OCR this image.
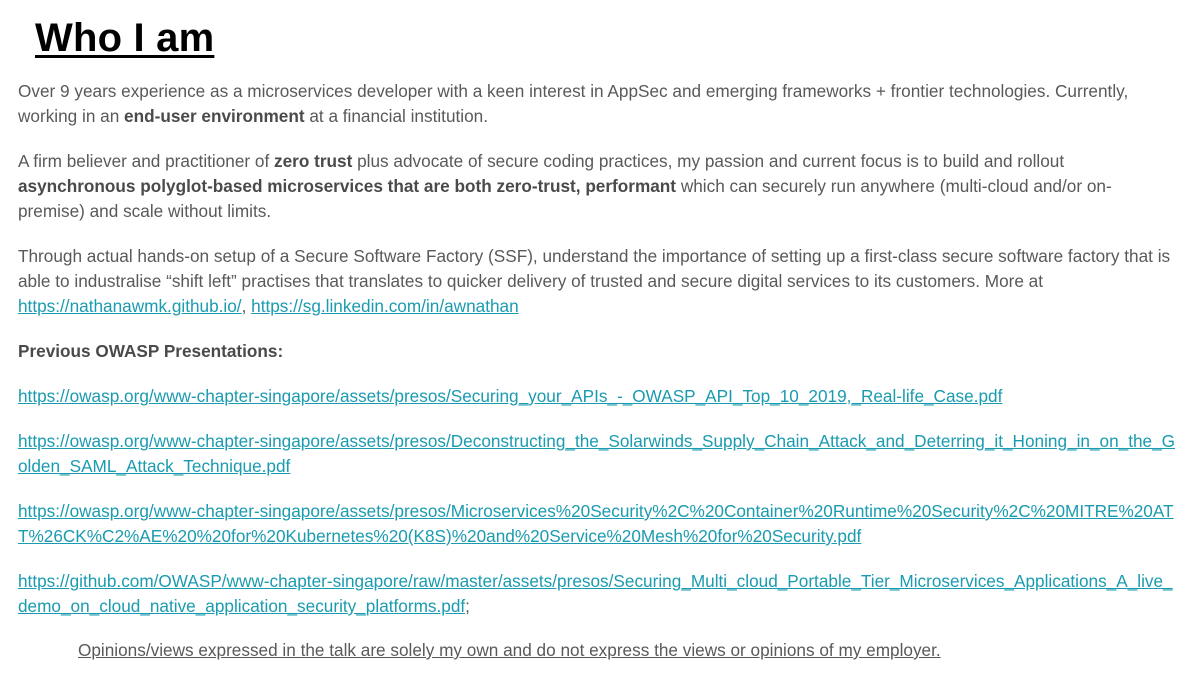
Who I am

Over 9 years experience as a microservices developer with a keen interest in AppSec and emerging frameworks + frontier technologies. Currently, working in an end-user environment at a financial institution.

A firm believer and practitioner of zero trust plus advocate of secure coding practices, my passion and current focus is to build and rollout asynchronous polyglot-based microservices that are both zero-trust, performant which can securely run anywhere (multi-cloud and/or on-premise) and scale without limits.

Through actual hands-on setup of a Secure Software Factory (SSF), understand the importance of setting up a first-class secure software factory that is able to industralise “shift left” practises that translates to quicker delivery of trusted and secure digital services to its customers. More at https://nathanawmk.github.io/, https://sg.linkedin.com/in/awnathan

Previous OWASP Presentations:

https://owasp.org/www-chapter-singapore/assets/presos/Securing_your_APIs_-_OWASP_API_Top_10_2019,_Real-life_Case.pdf

https://owasp.org/www-chapter-singapore/assets/presos/Deconstructing_the_Solarwinds_Supply_Chain_Attack_and_Deterring_it_Honing_in_on_the_Golden_SAML_Attack_Technique.pdf

https://owasp.org/www-chapter-singapore/assets/presos/Microservices%20Security%2C%20Container%20Runtime%20Security%2C%20MITRE%20ATT%26CK%C2%AE%20%20for%20Kubernetes%20(K8S)%20and%20Service%20Mesh%20for%20Security.pdf

https://github.com/OWASP/www-chapter-singapore/raw/master/assets/presos/Securing_Multi_cloud_Portable_Tier_Microservices_Applications_A_live_demo_on_cloud_native_application_security_platforms.pdf;

Opinions/views expressed in the talk are solely my own and do not express the views or opinions of my employer.
